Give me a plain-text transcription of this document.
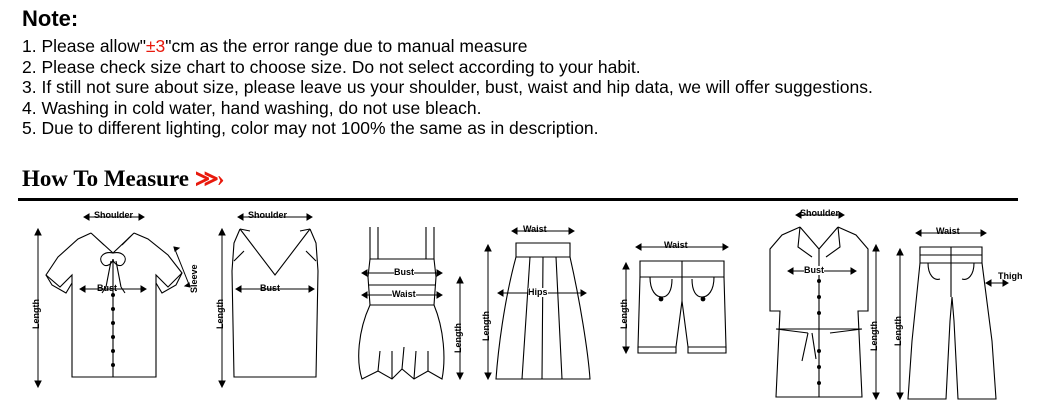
Note:
1. Please allow"±3"cm as the error range due to manual measure
2. Please check size chart to choose size. Do not select according to your habit.
3. If still not sure about size, please leave us your shoulder, bust, waist and hip data, we will offer suggestions.
4. Washing in cold water, hand washing, do not use bleach.
5. Due to different lighting, color may not 100% the same as in description.
How To Measure ≫›
Shoulder
Bust	Sleeve
Length
Shoulder
Bust
Length
Bust
Waist
Length
Waist
Hips
Length
Waist
Length
Shoulder
Bust
Length
Waist
Thigh
Length
